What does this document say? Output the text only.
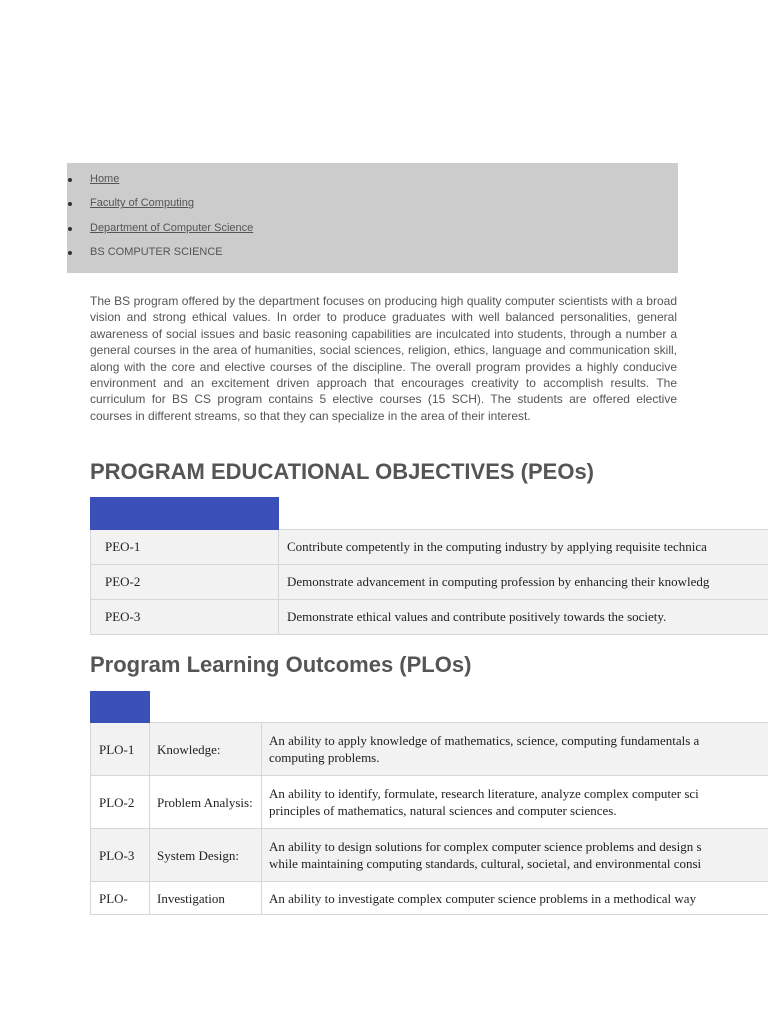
Home
Faculty of Computing
Department of Computer Science
BS COMPUTER SCIENCE

The BS program offered by the department focuses on producing high quality computer scientists with a broad vision and strong ethical values. In order to produce graduates with well balanced personalities, general awareness of social issues and basic reasoning capabilities are inculcated into students, through a number a general courses in the area of humanities, social sciences, religion, ethics, language and communication skill, along with the core and elective courses of the discipline. The overall program provides a highly conducive environment and an excitement driven approach that encourages creativity to accomplish results. The curriculum for BS CS program contains 5 elective courses (15 SCH). The students are offered elective courses in different streams, so that they can specialize in the area of their interest.

PROGRAM EDUCATIONAL OBJECTIVES (PEOs)

PEO-1	Contribute competently in the computing industry by applying requisite technica
PEO-2	Demonstrate advancement in computing profession by enhancing their knowledg
PEO-3	Demonstrate ethical values and contribute positively towards the society.
Program Learning Outcomes (PLOs)

PLO-1	Knowledge:	An ability to apply knowledge of mathematics, science, computing fundamentals a
computing problems.

PLO-2	Problem Analysis:	An ability to identify, formulate, research literature, analyze complex computer sci
principles of mathematics, natural sciences and computer sciences.

PLO-3	System Design:	An ability to design solutions for complex computer science problems and design s
while maintaining computing standards, cultural, societal, and environmental consi

PLO-	Investigation	An ability to investigate complex computer science problems in a methodical way
